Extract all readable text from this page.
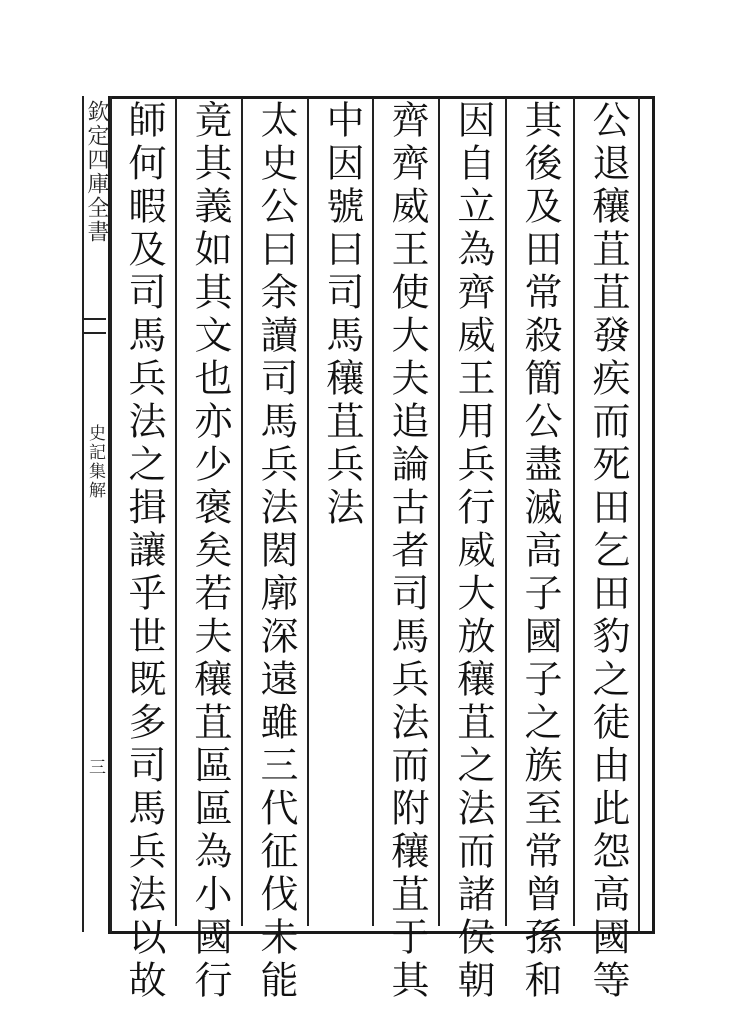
欽定四庫全書
史記集解
三	公退穰苴苴發疾而死田乞田豹之徒由此怨高國等
其後及田常殺簡公盡滅高子國子之族至常曾孫和
因自立為齊威王用兵行威大放穰苴之法而諸侯朝
齊齊威王使大夫追論古者司馬兵法而附穰苴于其
中因號曰司馬穰苴兵法
太史公曰余讀司馬兵法閎廓深遠雖三代征伐未能
竟其義如其文也亦少褒矣若夫穰苴區區為小國行
師何暇及司馬兵法之揖讓乎世既多司馬兵法以故
